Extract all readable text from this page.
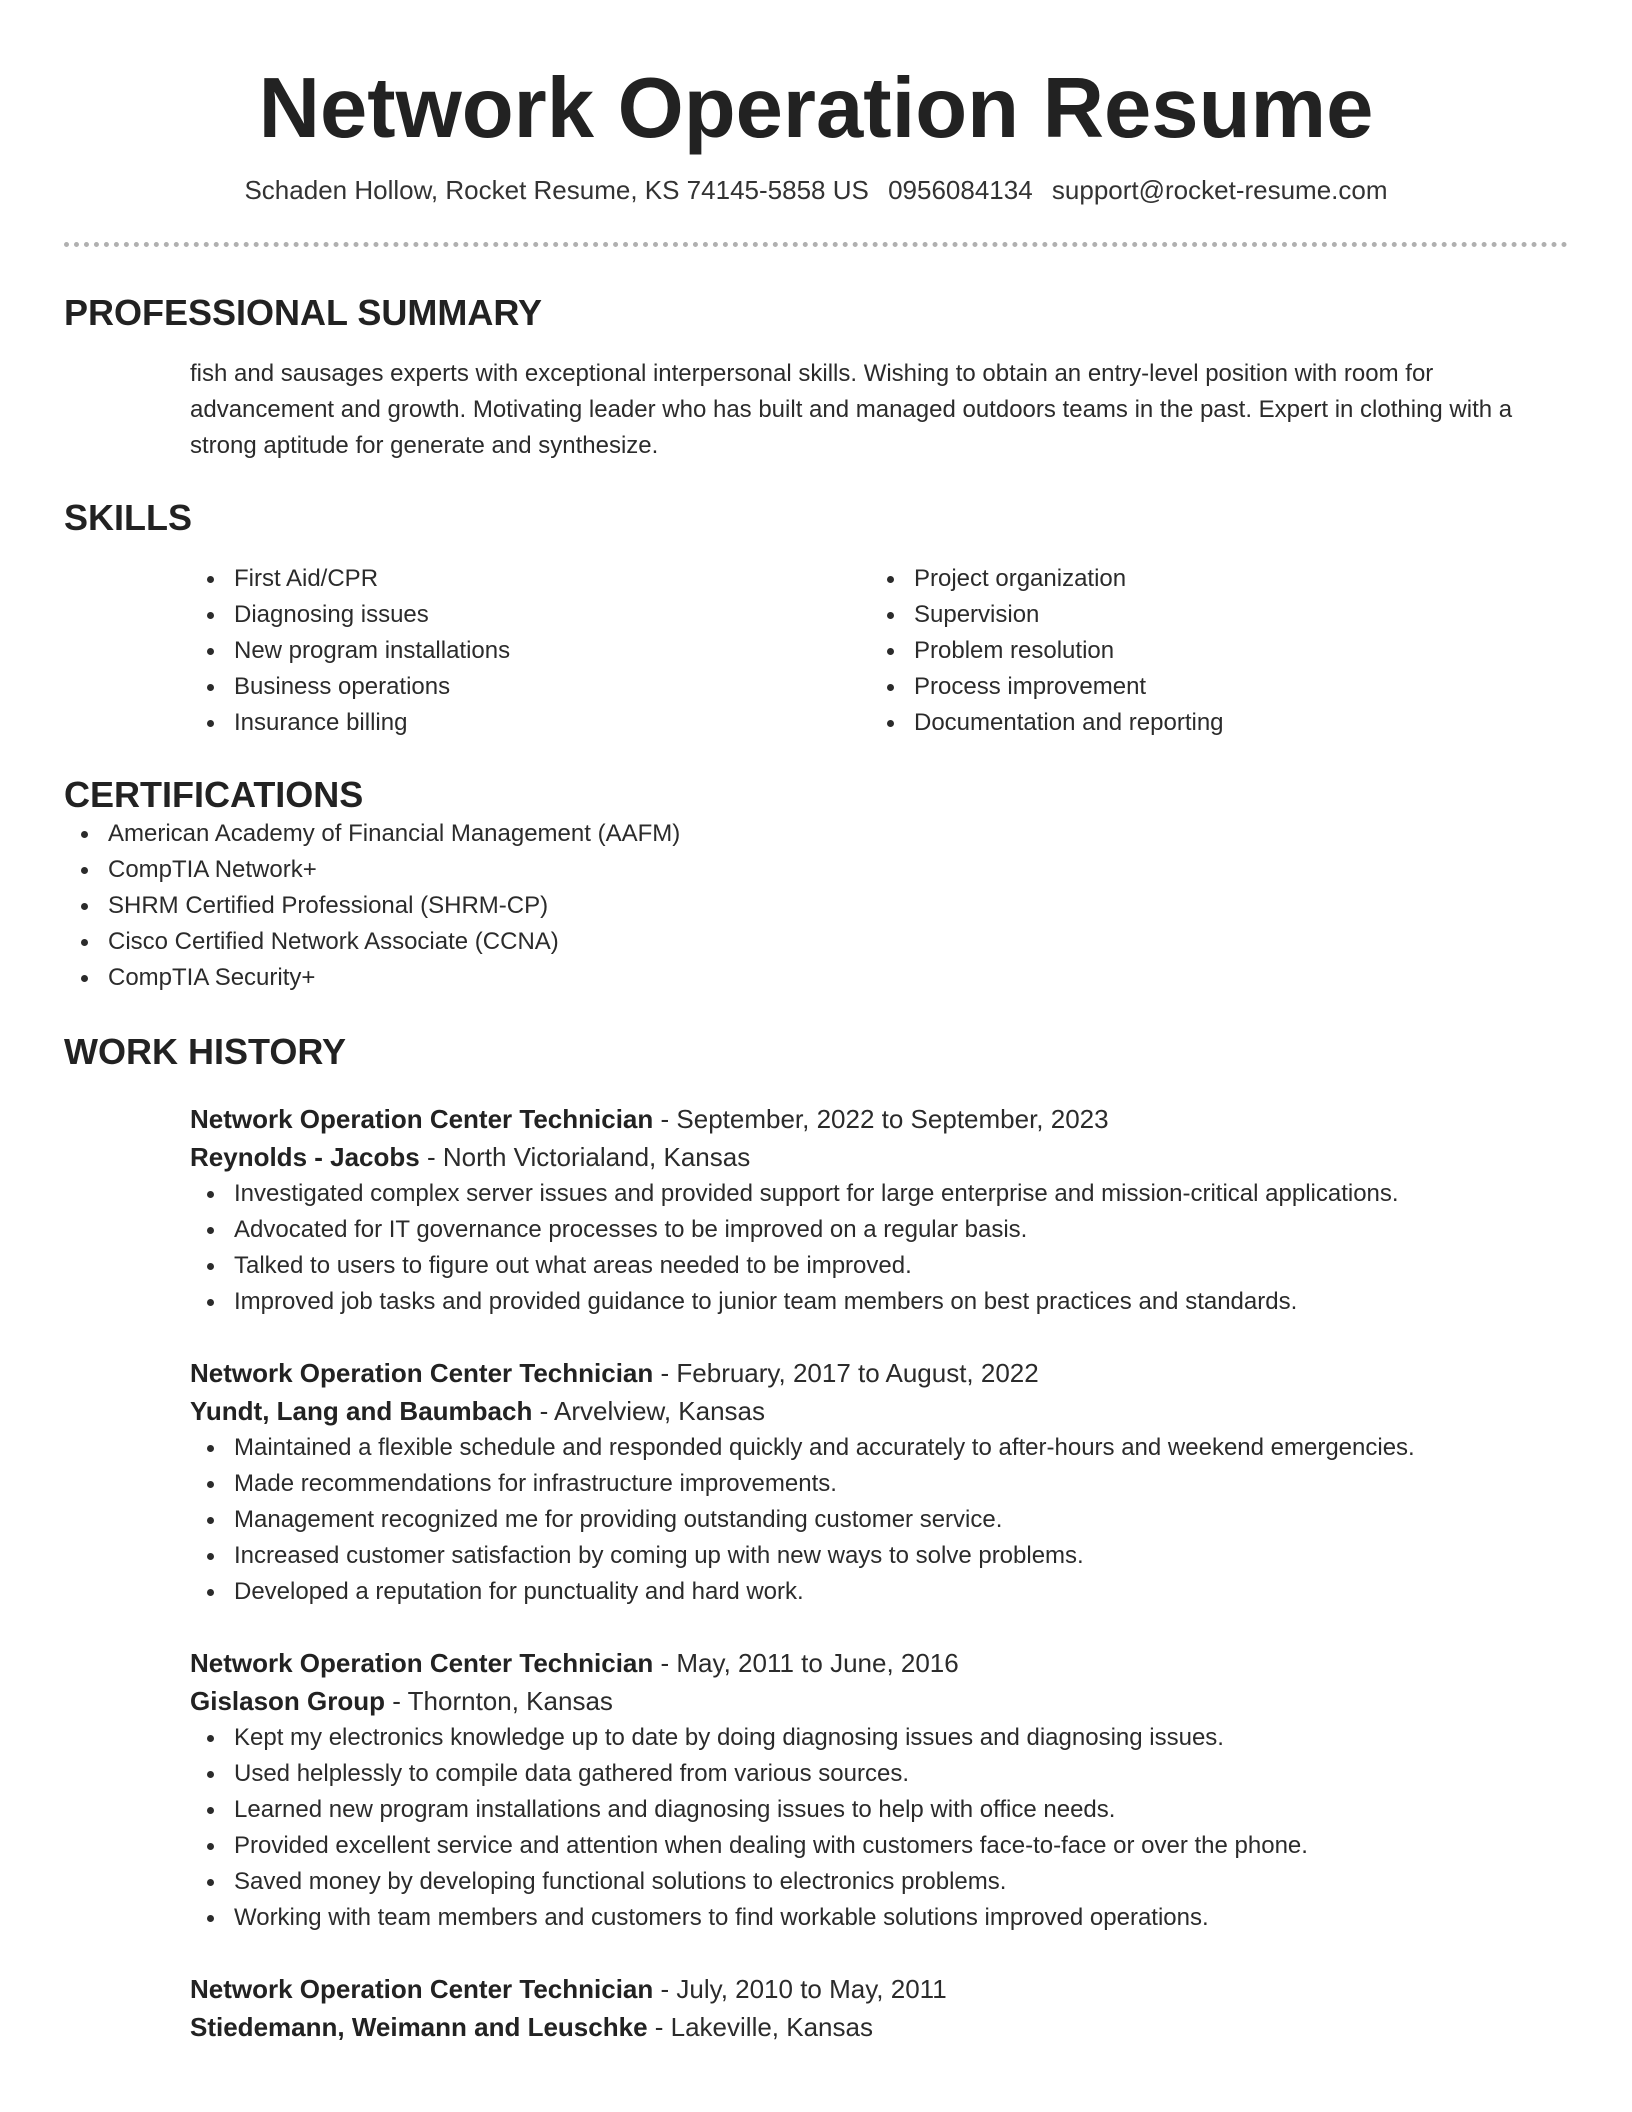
Network Operation Resume
Schaden Hollow, Rocket Resume, KS 74145-5858 US 0956084134 support@rocket-resume.com
PROFESSIONAL SUMMARY

fish and sausages experts with exceptional interpersonal skills. Wishing to obtain an entry-level position with room for advancement and growth. Motivating leader who has built and managed outdoors teams in the past. Expert in clothing with a strong aptitude for generate and synthesize.

SKILLS
First Aid/CPR
Diagnosing issues
New program installations
Business operations
Insurance billing
Project organization
Supervision
Problem resolution
Process improvement
Documentation and reporting
CERTIFICATIONS
American Academy of Financial Management (AAFM)
CompTIA Network+
SHRM Certified Professional (SHRM-CP)
Cisco Certified Network Associate (CCNA)
CompTIA Security+
WORK HISTORY
Network Operation Center Technician - September, 2022 to September, 2023
Reynolds - Jacobs - North Victorialand, Kansas
Investigated complex server issues and provided support for large enterprise and mission-critical applications.
Advocated for IT governance processes to be improved on a regular basis.
Talked to users to figure out what areas needed to be improved.
Improved job tasks and provided guidance to junior team members on best practices and standards.
Network Operation Center Technician - February, 2017 to August, 2022
Yundt, Lang and Baumbach - Arvelview, Kansas
Maintained a flexible schedule and responded quickly and accurately to after-hours and weekend emergencies.
Made recommendations for infrastructure improvements.
Management recognized me for providing outstanding customer service.
Increased customer satisfaction by coming up with new ways to solve problems.
Developed a reputation for punctuality and hard work.
Network Operation Center Technician - May, 2011 to June, 2016
Gislason Group - Thornton, Kansas
Kept my electronics knowledge up to date by doing diagnosing issues and diagnosing issues.
Used helplessly to compile data gathered from various sources.
Learned new program installations and diagnosing issues to help with office needs.
Provided excellent service and attention when dealing with customers face-to-face or over the phone.
Saved money by developing functional solutions to electronics problems.
Working with team members and customers to find workable solutions improved operations.
Network Operation Center Technician - July, 2010 to May, 2011
Stiedemann, Weimann and Leuschke - Lakeville, Kansas
